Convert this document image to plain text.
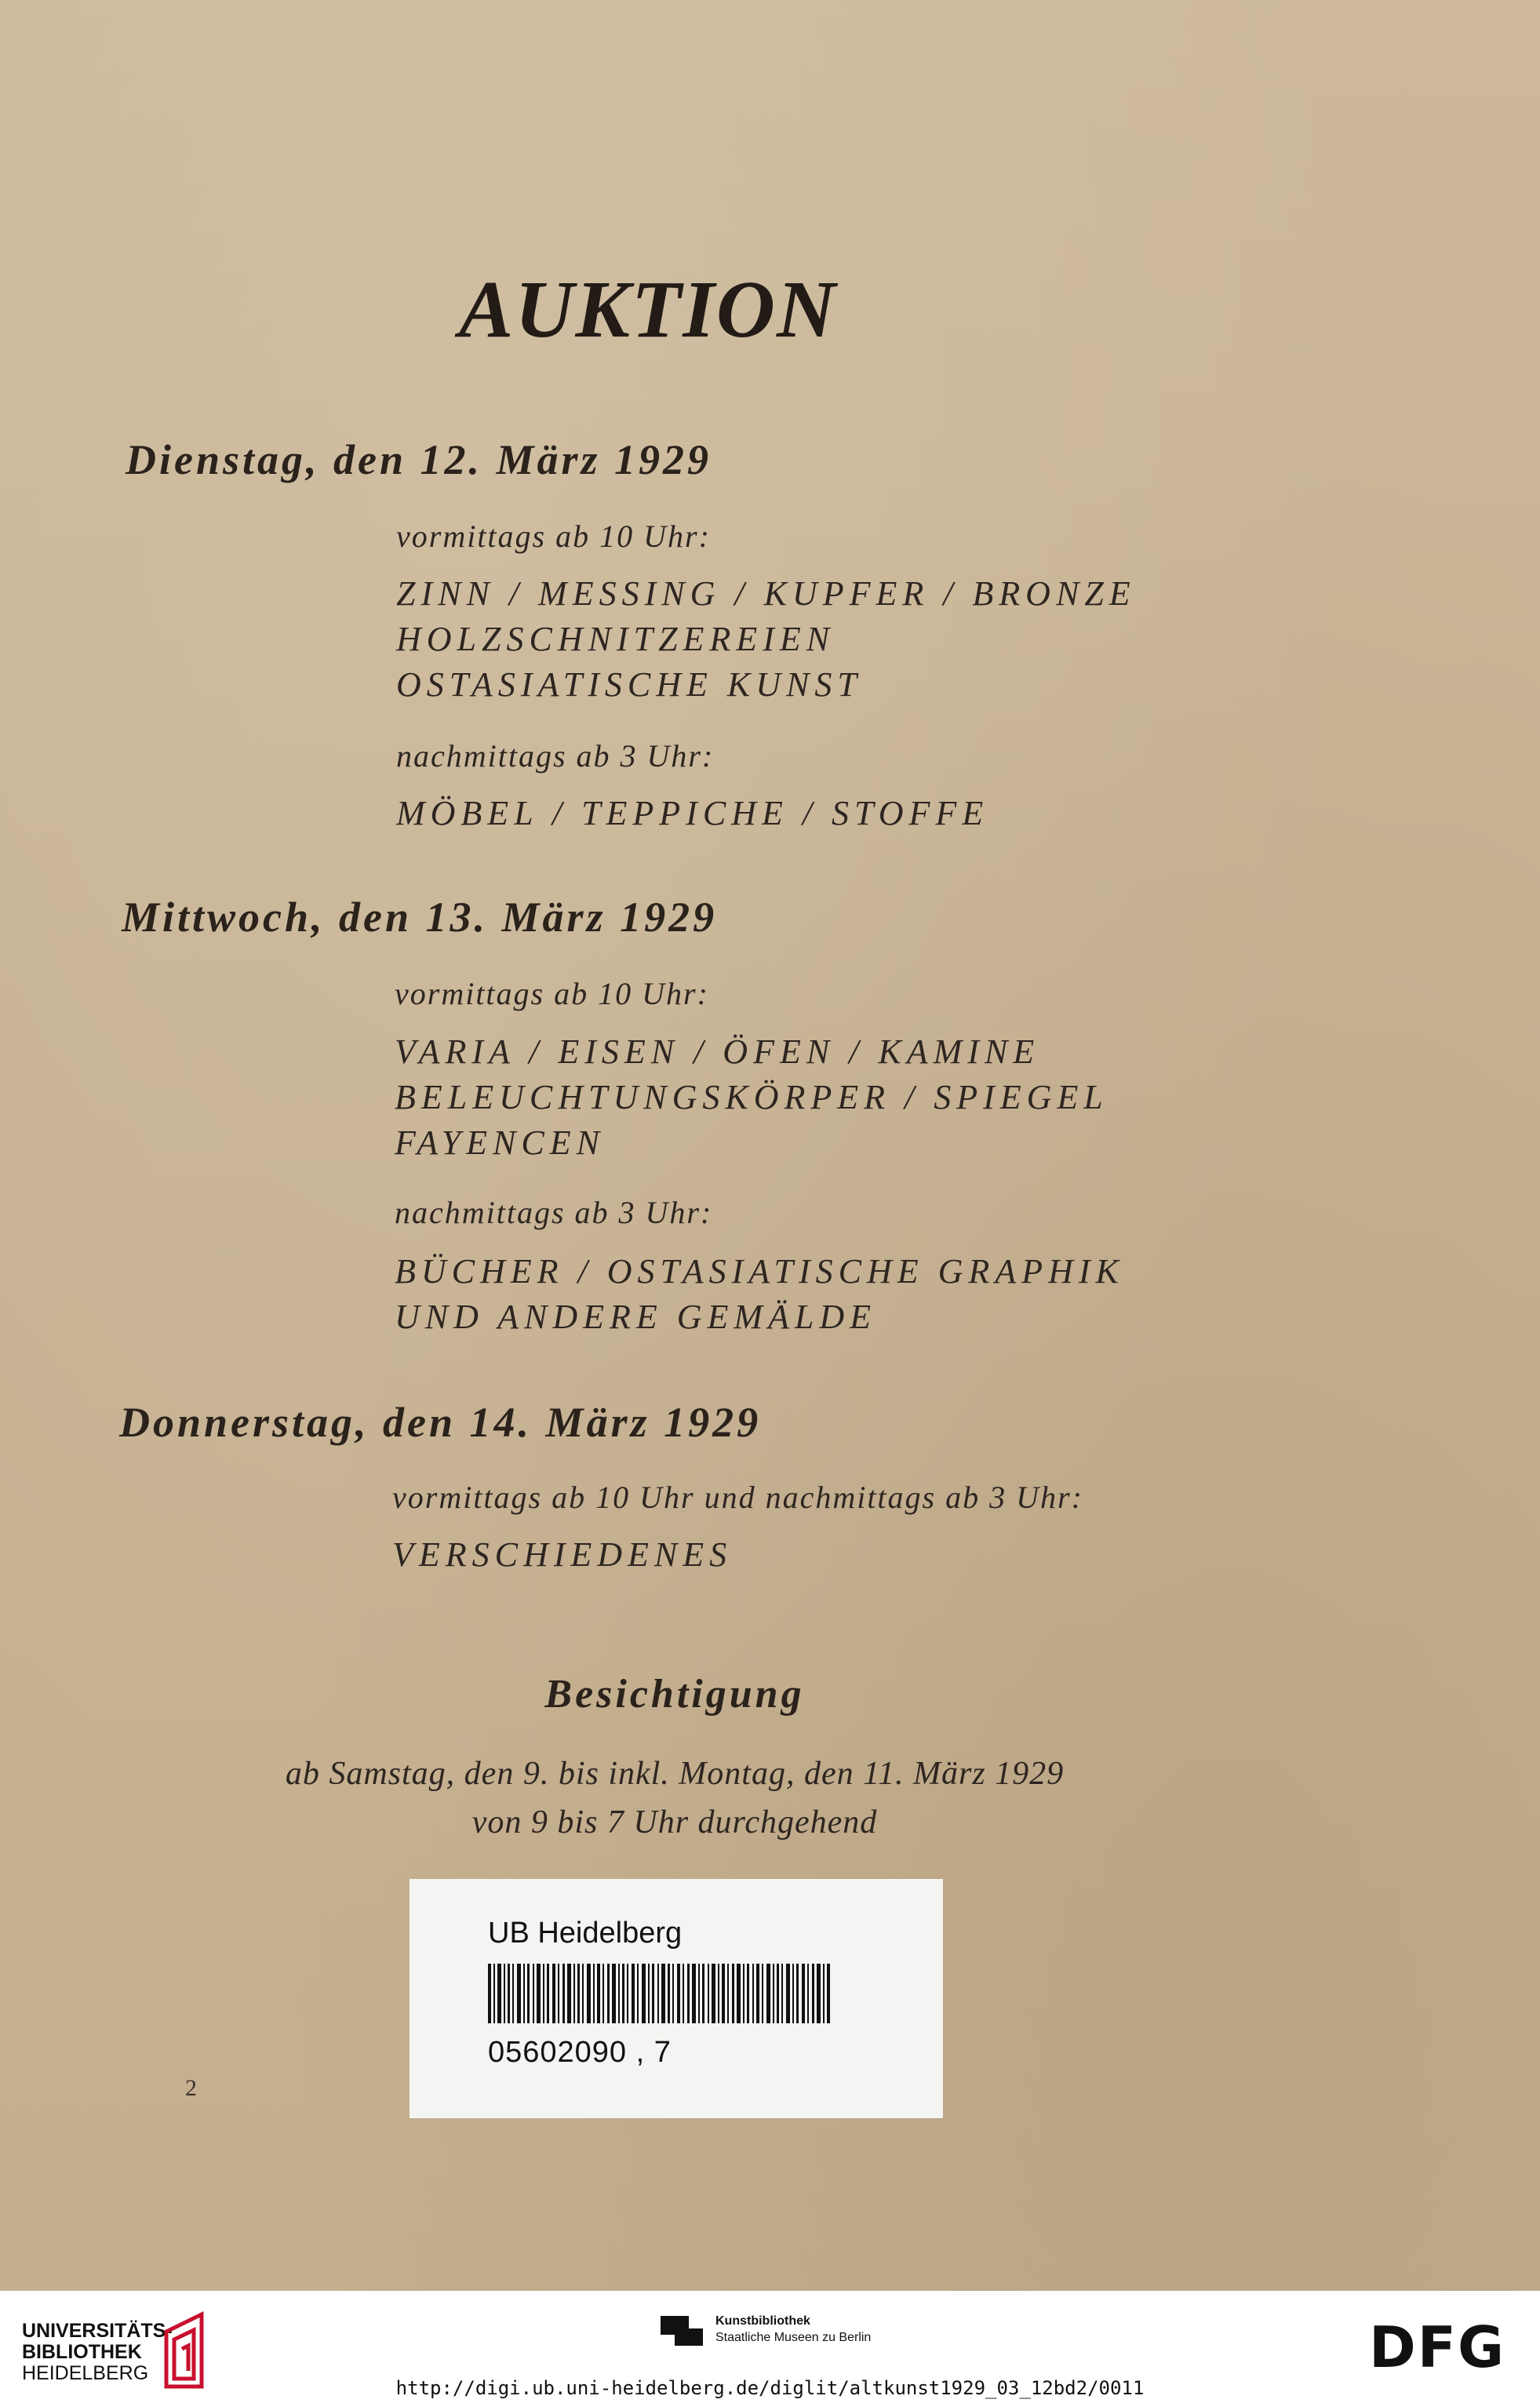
AUKTION
Dienstag, den 12. März 1929
vormittags ab 10 Uhr:
ZINN / MESSING / KUPFER / BRONZE
HOLZSCHNITZEREIEN
OSTASIATISCHE KUNST
nachmittags ab 3 Uhr:
MÖBEL / TEPPICHE / STOFFE
Mittwoch, den 13. März 1929
vormittags ab 10 Uhr:
VARIA / EISEN / ÖFEN / KAMINE
BELEUCHTUNGSKÖRPER / SPIEGEL
FAYENCEN
nachmittags ab 3 Uhr:
BÜCHER / OSTASIATISCHE GRAPHIK
UND ANDERE GEMÄLDE
Donnerstag, den 14. März 1929
vormittags ab 10 Uhr und nachmittags ab 3 Uhr:
VERSCHIEDENES
Besichtigung
ab Samstag, den 9. bis inkl. Montag, den 11. März 1929
von 9 bis 7 Uhr durchgehend
2
UB Heidelberg
05602090 , 7
UNIVERSITÄTS-
BIBLIOTHEK
HEIDELBERG
Kunstbibliothek
Staatliche Museen zu Berlin	DFG
http://digi.ub.uni-heidelberg.de/diglit/altkunst1929_03_12bd2/0011
